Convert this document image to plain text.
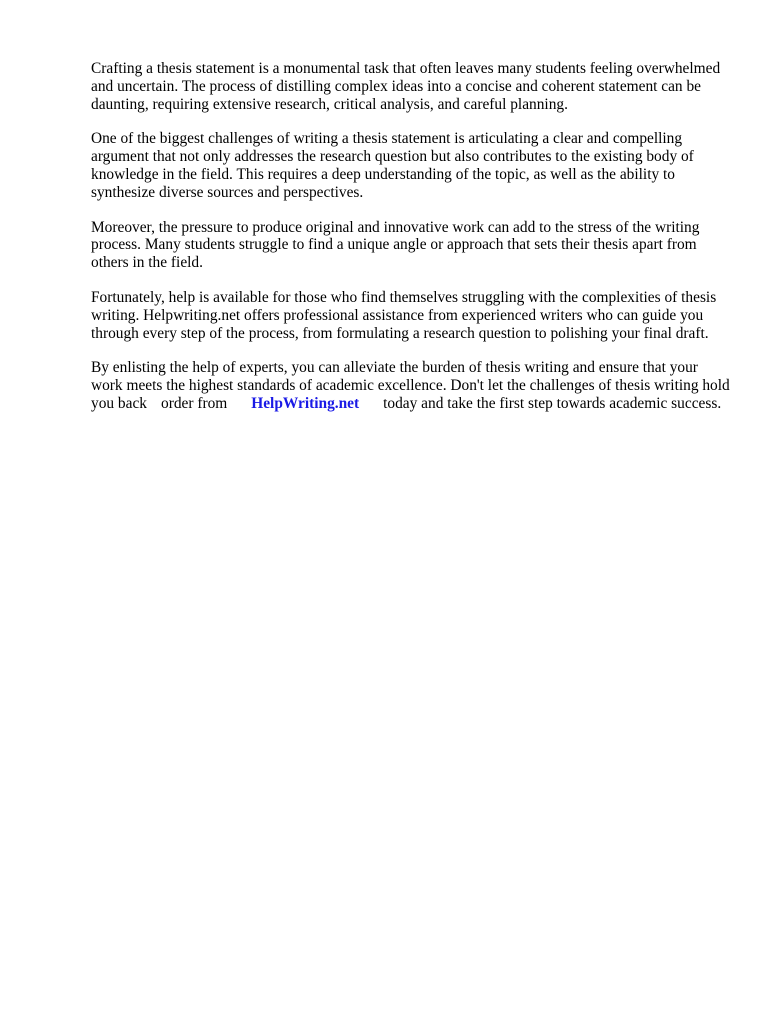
Crafting a thesis statement is a monumental task that often leaves many students feeling overwhelmed and uncertain. The process of distilling complex ideas into a concise and coherent statement can be daunting, requiring extensive research, critical analysis, and careful planning.

One of the biggest challenges of writing a thesis statement is articulating a clear and compelling argument that not only addresses the research question but also contributes to the existing body of knowledge in the field. This requires a deep understanding of the topic, as well as the ability to synthesize diverse sources and perspectives.

Moreover, the pressure to produce original and innovative work can add to the stress of the writing process. Many students struggle to find a unique angle or approach that sets their thesis apart from others in the field.

Fortunately, help is available for those who find themselves struggling with the complexities of thesis writing. Helpwriting.net offers professional assistance from experienced writers who can guide you through every step of the process, from formulating a research question to polishing your final draft.

By enlisting the help of experts, you can alleviate the burden of thesis writing and ensure that your work meets the highest standards of academic excellence. Don't let the challenges of thesis writing hold you back order from HelpWriting.net today and take the first step towards academic success.
